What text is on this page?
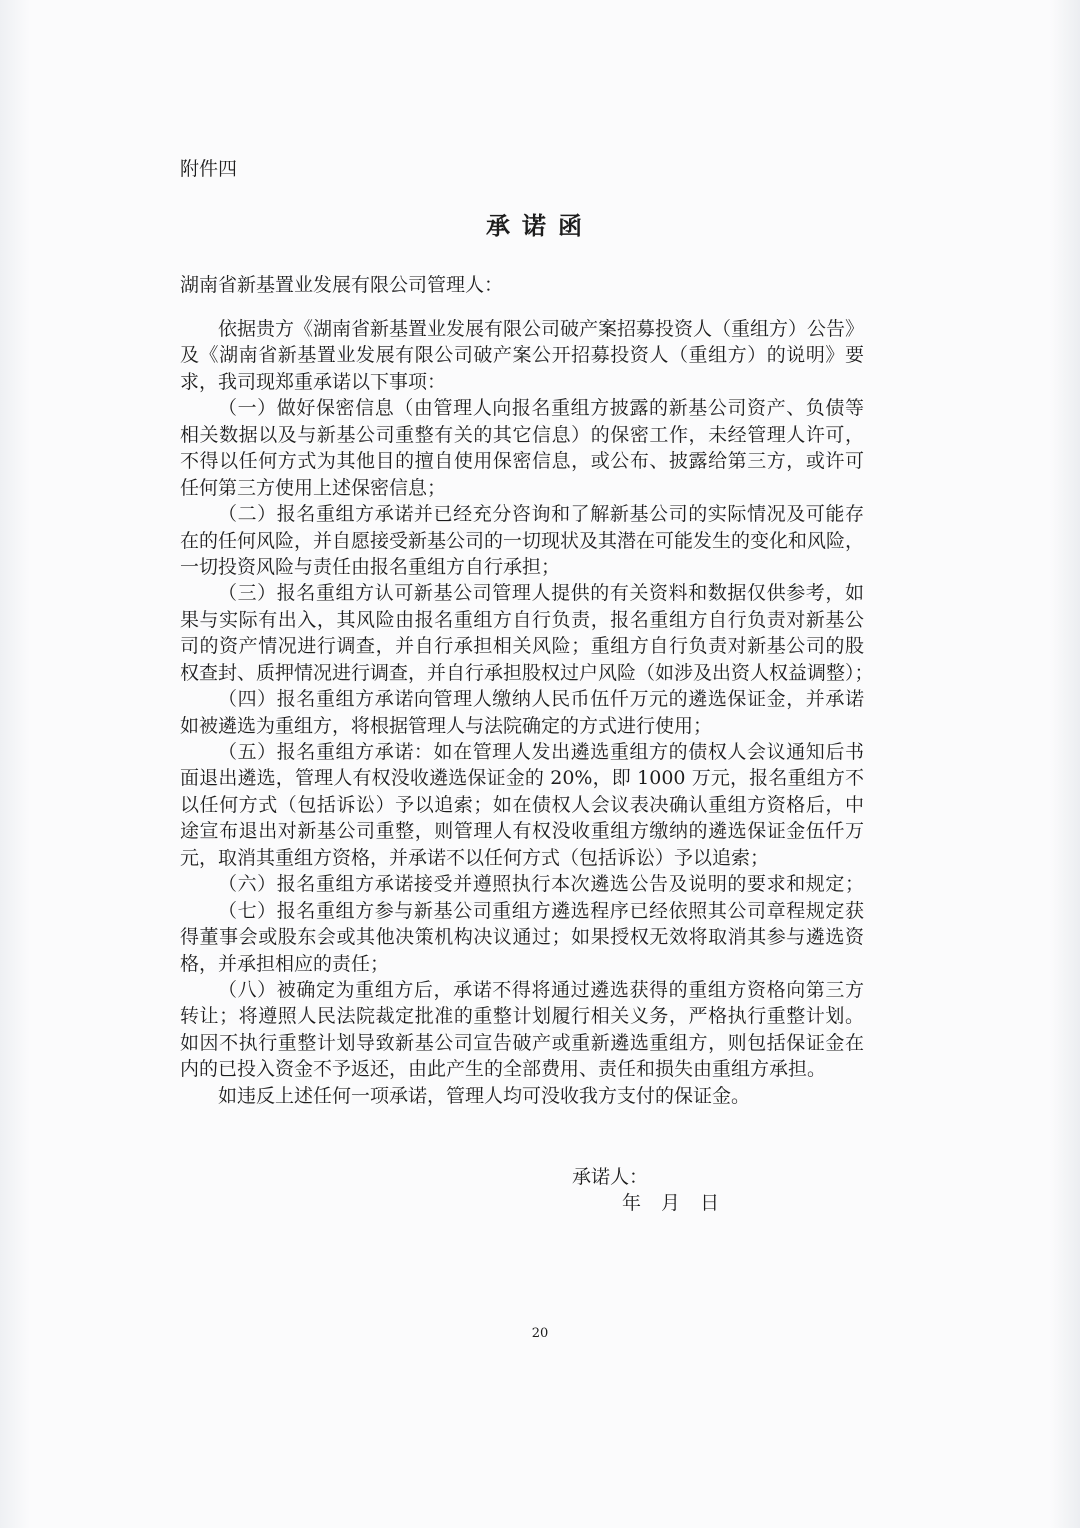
附件四
承诺函
湖南省新基置业发展有限公司管理人：
依据贵方《湖南省新基置业发展有限公司破产案招募投资人（重组方）公告》
及《湖南省新基置业发展有限公司破产案公开招募投资人（重组方）的说明》要
求，我司现郑重承诺以下事项：
（一）做好保密信息（由管理人向报名重组方披露的新基公司资产、负债等
相关数据以及与新基公司重整有关的其它信息）的保密工作，未经管理人许可，
不得以任何方式为其他目的擅自使用保密信息，或公布、披露给第三方，或许可
任何第三方使用上述保密信息；
（二）报名重组方承诺并已经充分咨询和了解新基公司的实际情况及可能存
在的任何风险，并自愿接受新基公司的一切现状及其潜在可能发生的变化和风险，
一切投资风险与责任由报名重组方自行承担；
（三）报名重组方认可新基公司管理人提供的有关资料和数据仅供参考，如
果与实际有出入，其风险由报名重组方自行负责，报名重组方自行负责对新基公
司的资产情况进行调查，并自行承担相关风险；重组方自行负责对新基公司的股
权查封、质押情况进行调查，并自行承担股权过户风险（如涉及出资人权益调整）；
（四）报名重组方承诺向管理人缴纳人民币伍仟万元的遴选保证金，并承诺
如被遴选为重组方，将根据管理人与法院确定的方式进行使用；
（五）报名重组方承诺：如在管理人发出遴选重组方的债权人会议通知后书
面退出遴选，管理人有权没收遴选保证金的 20%，即 1000 万元，报名重组方不
以任何方式（包括诉讼）予以追索；如在债权人会议表决确认重组方资格后，中
途宣布退出对新基公司重整，则管理人有权没收重组方缴纳的遴选保证金伍仟万
元，取消其重组方资格，并承诺不以任何方式（包括诉讼）予以追索；
（六）报名重组方承诺接受并遵照执行本次遴选公告及说明的要求和规定；
（七）报名重组方参与新基公司重组方遴选程序已经依照其公司章程规定获
得董事会或股东会或其他决策机构决议通过；如果授权无效将取消其参与遴选资
格，并承担相应的责任；
（八）被确定为重组方后，承诺不得将通过遴选获得的重组方资格向第三方
转让；将遵照人民法院裁定批准的重整计划履行相关义务，严格执行重整计划。
如因不执行重整计划导致新基公司宣告破产或重新遴选重组方，则包括保证金在
内的已投入资金不予返还，由此产生的全部费用、责任和损失由重组方承担。
如违反上述任何一项承诺，管理人均可没收我方支付的保证金。
承诺人：
年 月 日
20
